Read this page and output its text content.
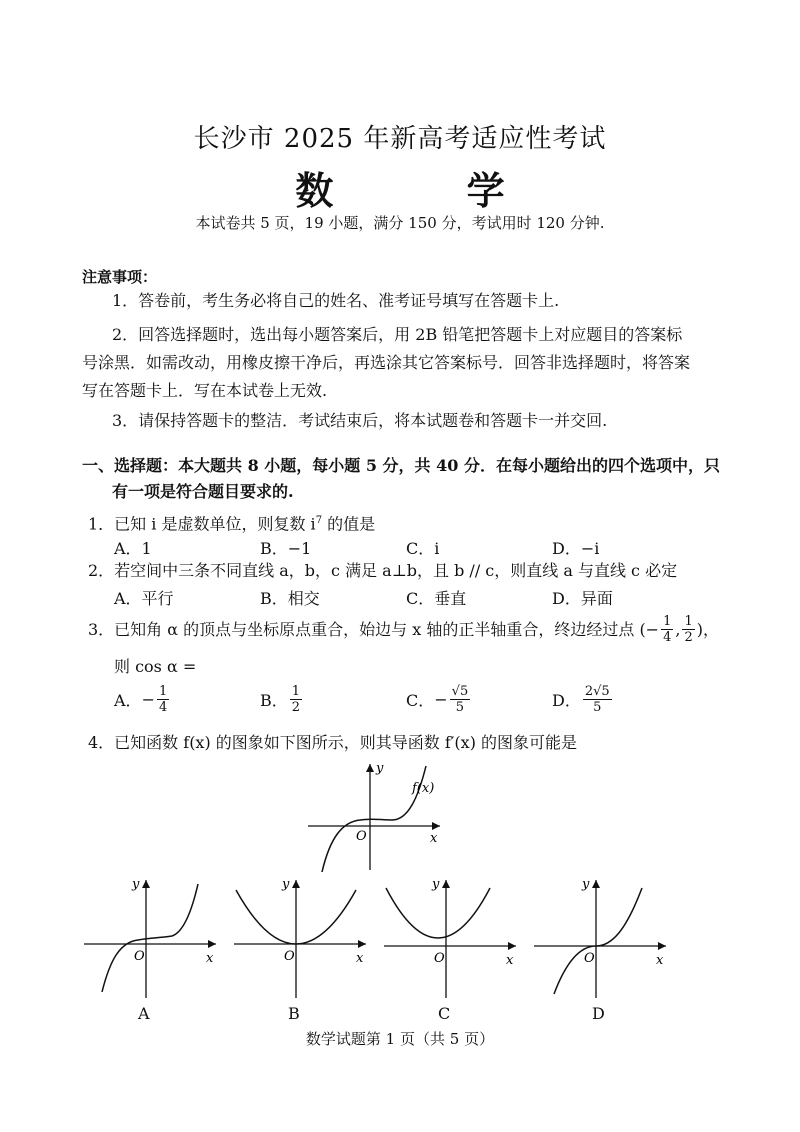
长沙市 2025 年新高考适应性考试
数 学
本试卷共 5 页，19 小题，满分 150 分，考试用时 120 分钟.
注意事项：
1．答卷前，考生务必将自己的姓名、准考证号填写在答题卡上.
2．回答选择题时，选出每小题答案后，用 2B 铅笔把答题卡上对应题目的答案标
号涂黑．如需改动，用橡皮擦干净后，再选涂其它答案标号．回答非选择题时，将答案
写在答题卡上．写在本试卷上无效.
3．请保持答题卡的整洁．考试结束后，将本试题卷和答题卡一并交回.
一、选择题：本大题共 8 小题，每小题 5 分，共 40 分．在每小题给出的四个选项中，只
有一项是符合题目要求的.
1．已知 i 是虚数单位，则复数 $i^7$ 的值是
A．1	B．−1	C．i	D．−i
2．若空间中三条不同直线 a，b，c 满足 a⊥b，且 b // c，则直线 a 与直线 c 必定
A．平行	B．相交	C．垂直	D．异面
3．已知角 α 的顶点与坐标原点重合，始边与 x 轴的正半轴重合，终边经过点 (− $\frac{1}{4}$ , $\frac{1}{2}$ )，
则 cos α =
A． − $\frac{1}{4}$	B． $\frac{1}{2}$	C． − $\frac{√5}{5}$	D． $\frac{2√5}{5}$
4．已知函数 f(x) 的图象如下图所示，则其导函数 f′(x) 的图象可能是
y
x
O
f(x)
y
x
O
A
y
x
O
B
y
x
O
C
y
x
O
D
数学试题第 1 页（共 5 页）
